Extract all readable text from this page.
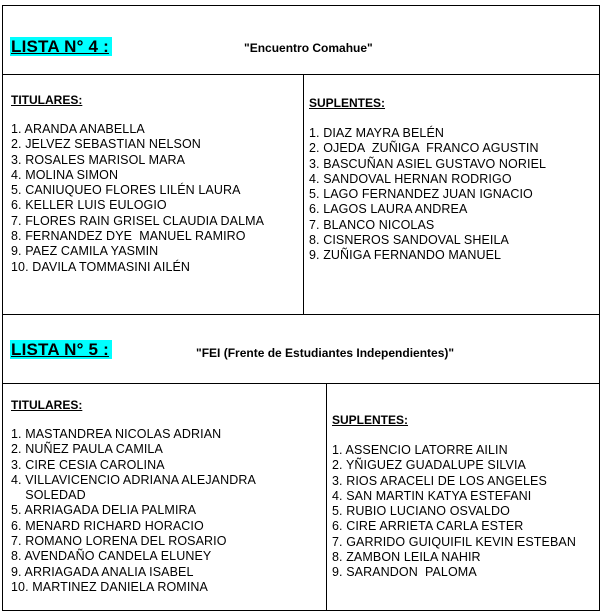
LISTA N° 4 :	"Encuentro Comahue"
TITULARES:
1. ARANDA ANABELLA
2. JELVEZ SEBASTIAN NELSON
3. ROSALES MARISOL MARA
4. MOLINA SIMON
5. CANIUQUEO FLORES LILÉN LAURA
6. KELLER LUIS EULOGIO
7. FLORES RAIN GRISEL CLAUDIA DALMA
8. FERNANDEZ DYE  MANUEL RAMIRO
9. PAEZ CAMILA YASMIN
10. DAVILA TOMMASINI AILÉN
SUPLENTES:
1. DIAZ MAYRA BELÉN
2. OJEDA  ZUÑIGA  FRANCO AGUSTIN
3. BASCUÑAN ASIEL GUSTAVO NORIEL
4. SANDOVAL HERNAN RODRIGO
5. LAGO FERNANDEZ JUAN IGNACIO
6. LAGOS LAURA ANDREA
7. BLANCO NICOLAS
8. CISNEROS SANDOVAL SHEILA
9. ZUÑIGA FERNANDO MANUEL
LISTA N° 5 :	"FEI (Frente de Estudiantes Independientes)"
TITULARES:
1. MASTANDREA NICOLAS ADRIAN
2. NUÑEZ PAULA CAMILA
3. CIRE CESIA CAROLINA
4. VILLAVICENCIO ADRIANA ALEJANDRA
SOLEDAD
5. ARRIAGADA DELIA PALMIRA
6. MENARD RICHARD HORACIO
7. ROMANO LORENA DEL ROSARIO
8. AVENDAÑO CANDELA ELUNEY
9. ARRIAGADA ANALIA ISABEL
10. MARTINEZ DANIELA ROMINA
SUPLENTES:
1. ASSENCIO LATORRE AILIN
2. YÑIGUEZ GUADALUPE SILVIA
3. RIOS ARACELI DE LOS ANGELES
4. SAN MARTIN KATYA ESTEFANI
5. RUBIO LUCIANO OSVALDO
6. CIRE ARRIETA CARLA ESTER
7. GARRIDO GUIQUIFIL KEVIN ESTEBAN
8. ZAMBON LEILA NAHIR
9. SARANDON  PALOMA
